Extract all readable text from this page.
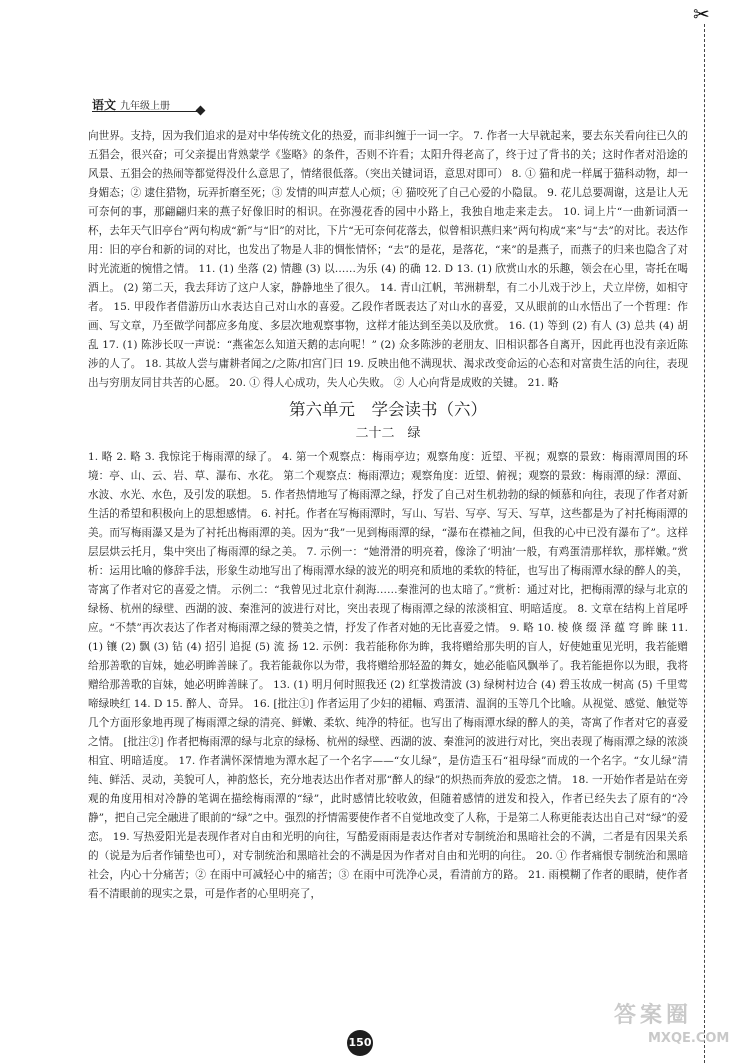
✂
语文 九年级上册

向世界。支持，因为我们追求的是对中华传统文化的热爱，而非纠缠于一词一字。 7. 作者一大早就起来，要去东关看向往已久的五猖会，很兴奋；可父亲提出背熟蒙学《鉴略》的条件，否则不许看；太阳升得老高了，终于过了背书的关；这时作者对沿途的风景、五猖会的热闹等都觉得没什么意思了，情绪很低落。（突出关键词语，意思对即可） 8. ① 猫和虎一样属于猫科动物，却一身媚态；② 逮住猎物，玩弄折磨至死；③ 发情的叫声惹人心烦；④ 猫咬死了自己心爱的小隐鼠。 9. 花儿总要凋谢，这是让人无可奈何的事，那翩翩归来的燕子好像旧时的相识。在弥漫花香的园中小路上，我独自地走来走去。 10. 词上片“一曲新词酒一杯，去年天气旧亭台”两句构成“新”与“旧”的对比，下片“无可奈何花落去，似曾相识燕归来”两句构成“来”与“去”的对比。表达作用：旧的亭台和新的词的对比，也发出了物是人非的惆怅情怀；“去”的是花，是落花，“来”的是燕子，而燕子的归来也隐含了对时光流逝的惋惜之情。 11. (1) 坐落 (2) 情趣 (3) 以……为乐 (4) 的确 12. D 13. (1) 欣赏山水的乐趣，领会在心里，寄托在喝酒上。 (2) 第二天，我去拜访了这户人家，静静地坐了很久。 14. 青山江帆，苇洲耕犁，有二小儿戏于沙上，犬立岸傍，如相守者。 15. 甲段作者借游历山水表达自己对山水的喜爱。乙段作者既表达了对山水的喜爱，又从眼前的山水悟出了一个哲理：作画、写文章，乃至做学问都应多角度、多层次地观察事物，这样才能达到至美以及欣赏。 16. (1) 等到 (2) 有人 (3) 总共 (4) 胡乱 17. (1) 陈涉长叹一声说：“燕雀怎么知道天鹅的志向呢！” (2) 众多陈涉的老朋友、旧相识都各自离开，因此再也没有亲近陈涉的人了。 18. 其故人尝与庸耕者闻之/之陈/扣宫门曰 19. 反映出他不满现状、渴求改变命运的心态和对富贵生活的向往，表现出与穷朋友同甘共苦的心愿。 20. ① 得人心成功，失人心失败。 ② 人心向背是成败的关键。 21. 略

第六单元　学会读书（六）

二十二　绿

1. 略 2. 略 3. 我惊诧于梅雨潭的绿了。 4. 第一个观察点：梅雨亭边；观察角度：近望、平视；观察的景致：梅雨潭周围的环境：亭、山、云、岩、草、瀑布、水花。 第二个观察点：梅雨潭边；观察角度：近望、俯视；观察的景致：梅雨潭的绿：潭面、水波、水光、水色，及引发的联想。 5. 作者热情地写了梅雨潭之绿，抒发了自己对生机勃勃的绿的倾慕和向往，表现了作者对新生活的希望和积极向上的思想感情。 6. 衬托。作者在写梅雨潭时，写山、写岩、写亭、写天、写草，这些都是为了衬托梅雨潭的美。而写梅雨瀑又是为了衬托出梅雨潭的美。因为“我”一见到梅雨潭的绿，“瀑布在襟袖之间，但我的心中已没有瀑布了”。这样层层烘云托月，集中突出了梅雨潭的绿之美。 7. 示例一：“她滑滑的明亮着，像涂了‘明油’一般，有鸡蛋清那样软，那样嫩。”赏析：运用比喻的修辞手法，形象生动地写出了梅雨潭水绿的波光的明亮和质地的柔软的特征，也写出了梅雨潭水绿的醉人的美，寄寓了作者对它的喜爱之情。 示例二：“我曾见过北京什刹海……秦淮河的也太暗了。”赏析：通过对比，把梅雨潭的绿与北京的绿杨、杭州的绿壁、西湖的波、秦淮河的波进行对比，突出表现了梅雨潭之绿的浓淡相宜、明暗适度。 8. 文章在结构上首尾呼应。“不禁”再次表达了作者对梅雨潭之绿的赞美之情，抒发了作者对她的无比喜爱之情。 9. 略 10. 棱 倏 缀 泽 蕴 穹 眸 睐 11. (1) 镶 (2) 飘 (3) 钻 (4) 招引 追捉 (5) 流 扬 12. 示例：我若能称你为眸，我将赠给那失明的盲人，好使她重见光明，我若能赠给那善歌的盲妹，她必明眸善睐了。我若能裁你以为带，我将赠给那轻盈的舞女，她必能临风飘举了。我若能挹你以为眼，我将赠给那善歌的盲妹，她必明眸善睐了。 13. (1) 明月何时照我还 (2) 红掌拨清波 (3) 绿树村边合 (4) 碧玉妆成一树高 (5) 千里莺啼绿映红 14. D 15. 醉人、奇异。 16. [批注①] 作者运用了少妇的裙幅、鸡蛋清、温润的玉等几个比喻。从视觉、感觉、触觉等几个方面形象地再现了梅雨潭之绿的清亮、鲜嫩、柔软、纯净的特征。也写出了梅雨潭水绿的醉人的美，寄寓了作者对它的喜爱之情。 [批注②] 作者把梅雨潭的绿与北京的绿杨、杭州的绿壁、西湖的波、秦淮河的波进行对比，突出表现了梅雨潭之绿的浓淡相宜、明暗适度。 17. 作者满怀深情地为潭水起了一个名字——“女儿绿”，是仿造玉石“祖母绿”而成的一个名字。“女儿绿”清纯、鲜活、灵动，美貌可人，神韵悠长，充分地表达出作者对那“醉人的绿”的炽热而奔放的爱恋之情。 18. 一开始作者是站在旁观的角度用相对冷静的笔调在描绘梅雨潭的“绿”，此时感情比较收敛，但随着感情的迸发和投入，作者已经失去了原有的“冷静”，把自己完全融进了眼前的“绿”之中。强烈的抒情需要使作者不自觉地改变了人称，于是第二人称更能表达出自己对“绿”的爱恋。 19. 写热爱阳光是表现作者对自由和光明的向往，写酷爱雨雨是表达作者对专制统治和黑暗社会的不满，二者是有因果关系的（说是为后者作铺垫也可），对专制统治和黑暗社会的不满是因为作者对自由和光明的向往。 20. ① 作者痛恨专制统治和黑暗社会，内心十分痛苦；② 在雨中可减轻心中的痛苦；③ 在雨中可洗净心灵，看清前方的路。 21. 雨模糊了作者的眼睛，使作者看不清眼前的现实之景，可是作者的心里明亮了，

150
答案圈
MXQE.COM
